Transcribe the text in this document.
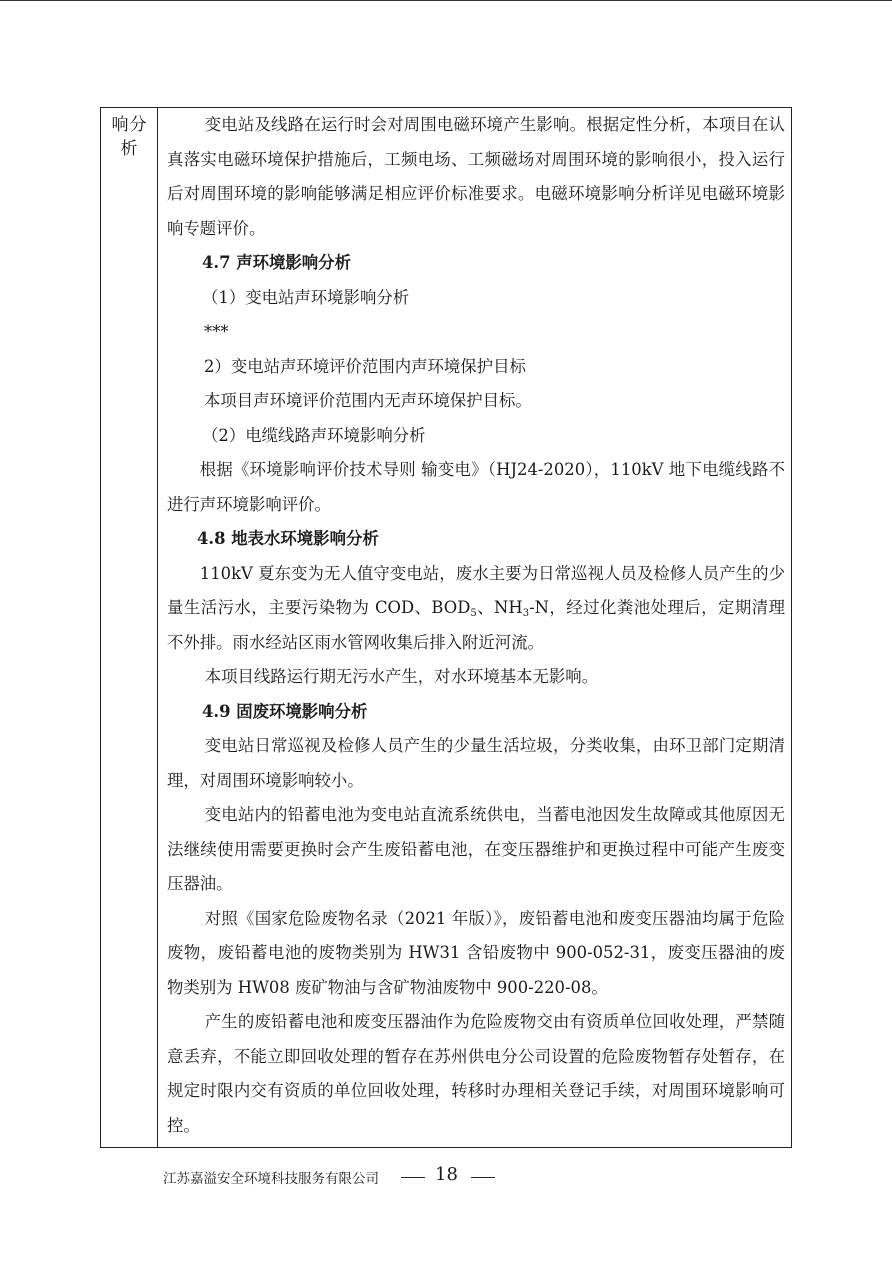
响分
析

变电站及线路在运行时会对周围电磁环境产生影响。根据定性分析，本项目在认真落实电磁环境保护措施后，工频电场、工频磁场对周围环境的影响很小，投入运行后对周围环境的影响能够满足相应评价标准要求。电磁环境影响分析详见电磁环境影响专题评价。

4.7 声环境影响分析

（1）变电站声环境影响分析

***

2）变电站声环境评价范围内声环境保护目标

本项目声环境评价范围内无声环境保护目标。

（2）电缆线路声环境影响分析

根据《环境影响评价技术导则 输变电》（HJ24-2020），110kV 地下电缆线路不进行声环境影响评价。

4.8 地表水环境影响分析

110kV 夏东变为无人值守变电站，废水主要为日常巡视人员及检修人员产生的少量生活污水，主要污染物为 COD、$BOD_5$、$NH_3-N$，经过化粪池处理后，定期清理不外排。雨水经站区雨水管网收集后排入附近河流。

本项目线路运行期无污水产生，对水环境基本无影响。

4.9 固废环境影响分析

变电站日常巡视及检修人员产生的少量生活垃圾，分类收集，由环卫部门定期清理，对周围环境影响较小。

变电站内的铅蓄电池为变电站直流系统供电，当蓄电池因发生故障或其他原因无法继续使用需要更换时会产生废铅蓄电池，在变压器维护和更换过程中可能产生废变压器油。

对照《国家危险废物名录（2021 年版）》，废铅蓄电池和废变压器油均属于危险废物，废铅蓄电池的废物类别为 HW31 含铅废物中 900-052-31，废变压器油的废物类别为 HW08 废矿物油与含矿物油废物中 900-220-08。

产生的废铅蓄电池和废变压器油作为危险废物交由有资质单位回收处理，严禁随意丢弃，不能立即回收处理的暂存在苏州供电分公司设置的危险废物暂存处暂存，在规定时限内交有资质的单位回收处理，转移时办理相关登记手续，对周围环境影响可控。

江苏嘉溢安全环境科技服务有限公司	18
